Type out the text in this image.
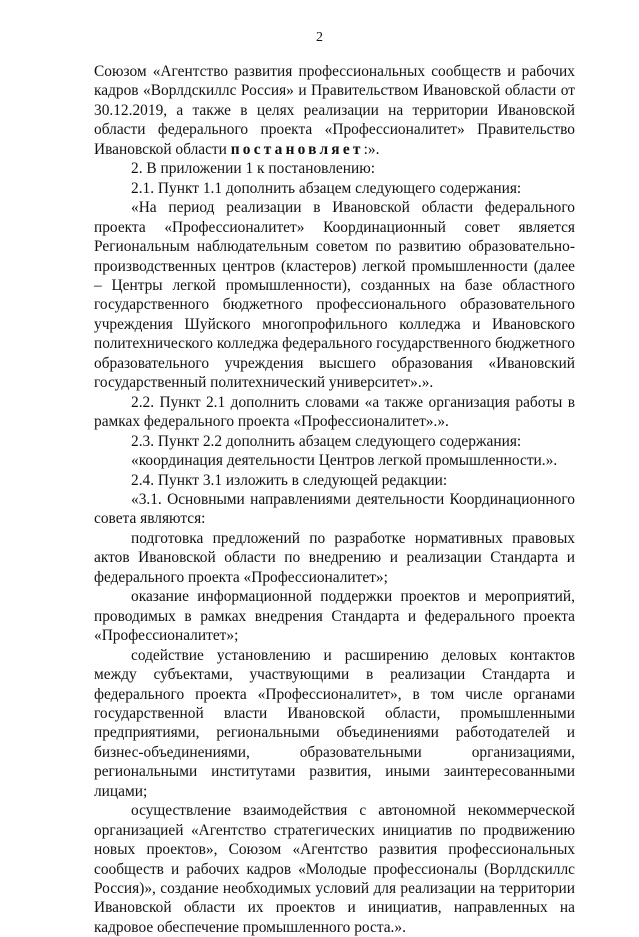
2

Союзом «Агентство развития профессиональных сообществ и рабочих кадров «Ворлдскиллс Россия» и Правительством Ивановской области от 30.12.2019, а также в целях реализации на территории Ивановской области федерального проекта «Профессионалитет» Правительство Ивановской области постановляет:».

2. В приложении 1 к постановлению:

2.1. Пункт 1.1 дополнить абзацем следующего содержания:

«На период реализации в Ивановской области федерального проекта «Профессионалитет» Координационный совет является Региональным наблюдательным советом по развитию образовательно-производственных центров (кластеров) легкой промышленности (далее – Центры легкой промышленности), созданных на базе областного государственного бюджетного профессионального образовательного учреждения Шуйского многопрофильного колледжа и Ивановского политехнического колледжа федерального государственного бюджетного образовательного учреждения высшего образования «Ивановский государственный политехнический университет».».

2.2. Пункт 2.1 дополнить словами «а также организация работы в рамках федерального проекта «Профессионалитет».».

2.3. Пункт 2.2 дополнить абзацем следующего содержания:

«координация деятельности Центров легкой промышленности.».

2.4. Пункт 3.1 изложить в следующей редакции:

«3.1. Основными направлениями деятельности Координационного совета являются:

подготовка предложений по разработке нормативных правовых актов Ивановской области по внедрению и реализации Стандарта и федерального проекта «Профессионалитет»;

оказание информационной поддержки проектов и мероприятий, проводимых в рамках внедрения Стандарта и федерального проекта «Профессионалитет»;

содействие установлению и расширению деловых контактов между субъектами, участвующими в реализации Стандарта и федерального проекта «Профессионалитет», в том числе органами государственной власти Ивановской области, промышленными предприятиями, региональными объединениями работодателей и бизнес-объединениями, образовательными организациями, региональными институтами развития, иными заинтересованными лицами;

осуществление взаимодействия с автономной некоммерческой организацией «Агентство стратегических инициатив по продвижению новых проектов», Союзом «Агентство развития профессиональных сообществ и рабочих кадров «Молодые профессионалы (Ворлдскиллс Россия)», создание необходимых условий для реализации на территории Ивановской области их проектов и инициатив, направленных на кадровое обеспечение промышленного роста.».
